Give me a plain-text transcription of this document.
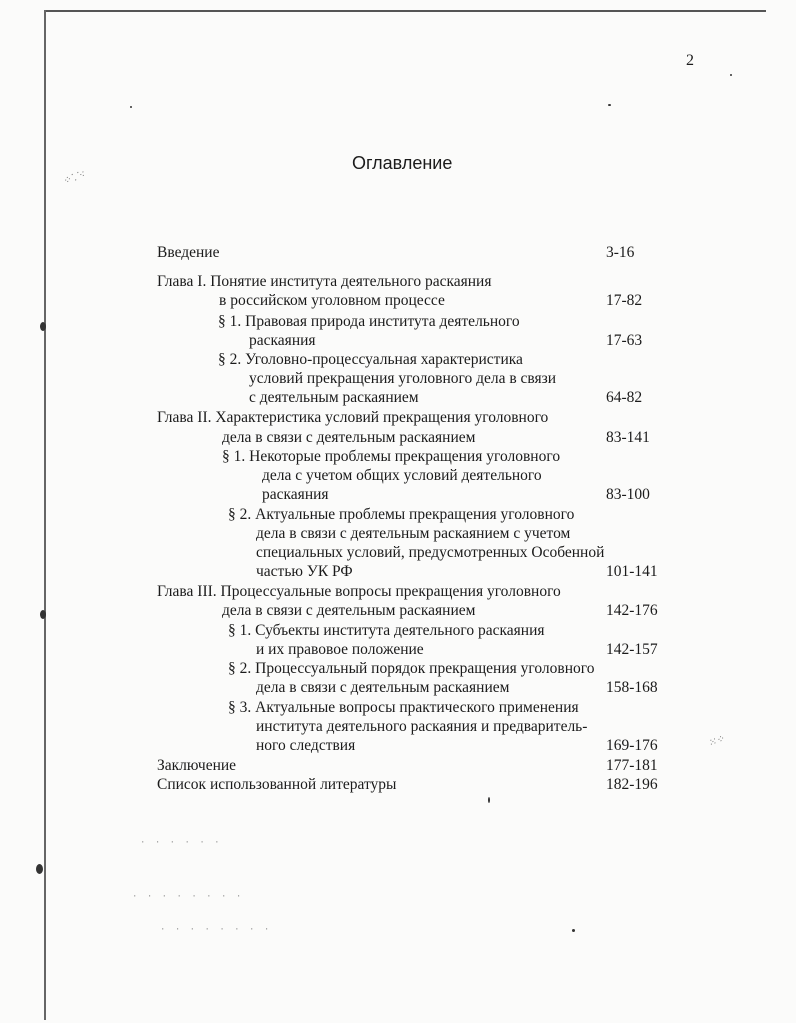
2
Оглавление
Введение	3-16
Глава I. Понятие института деятельного раскаяния
в российском уголовном процессе	17-82
§ 1. Правовая природа института деятельного
раскаяния	17-63
§ 2. Уголовно-процессуальная характеристика
условий прекращения уголовного дела в связи
с деятельным раскаянием	64-82
Глава II. Характеристика условий прекращения уголовного
дела в связи с деятельным раскаянием	83-141
§ 1. Некоторые проблемы прекращения уголовного
дела с учетом общих условий деятельного
раскаяния	83-100
§ 2. Актуальные проблемы прекращения уголовного
дела в связи с деятельным раскаянием с учетом
специальных условий, предусмотренных Особенной
частью УК РФ	101-141
Глава III. Процессуальные вопросы прекращения уголовного
дела в связи с деятельным раскаянием	142-176
§ 1. Субъекты института деятельного раскаяния
и их правовое положение	142-157
§ 2. Процессуальный порядок прекращения уголовного
дела в связи с деятельным раскаянием	158-168
§ 3. Актуальные вопросы практического применения
института деятельного раскаяния и предваритель-
ного следствия	169-176
Заключение	177-181
Список использованной литературы	182-196
⁘⸪⁖
⁙⁘
· · · · · ·
· · · · · · · ·
· · · · · · · ·
